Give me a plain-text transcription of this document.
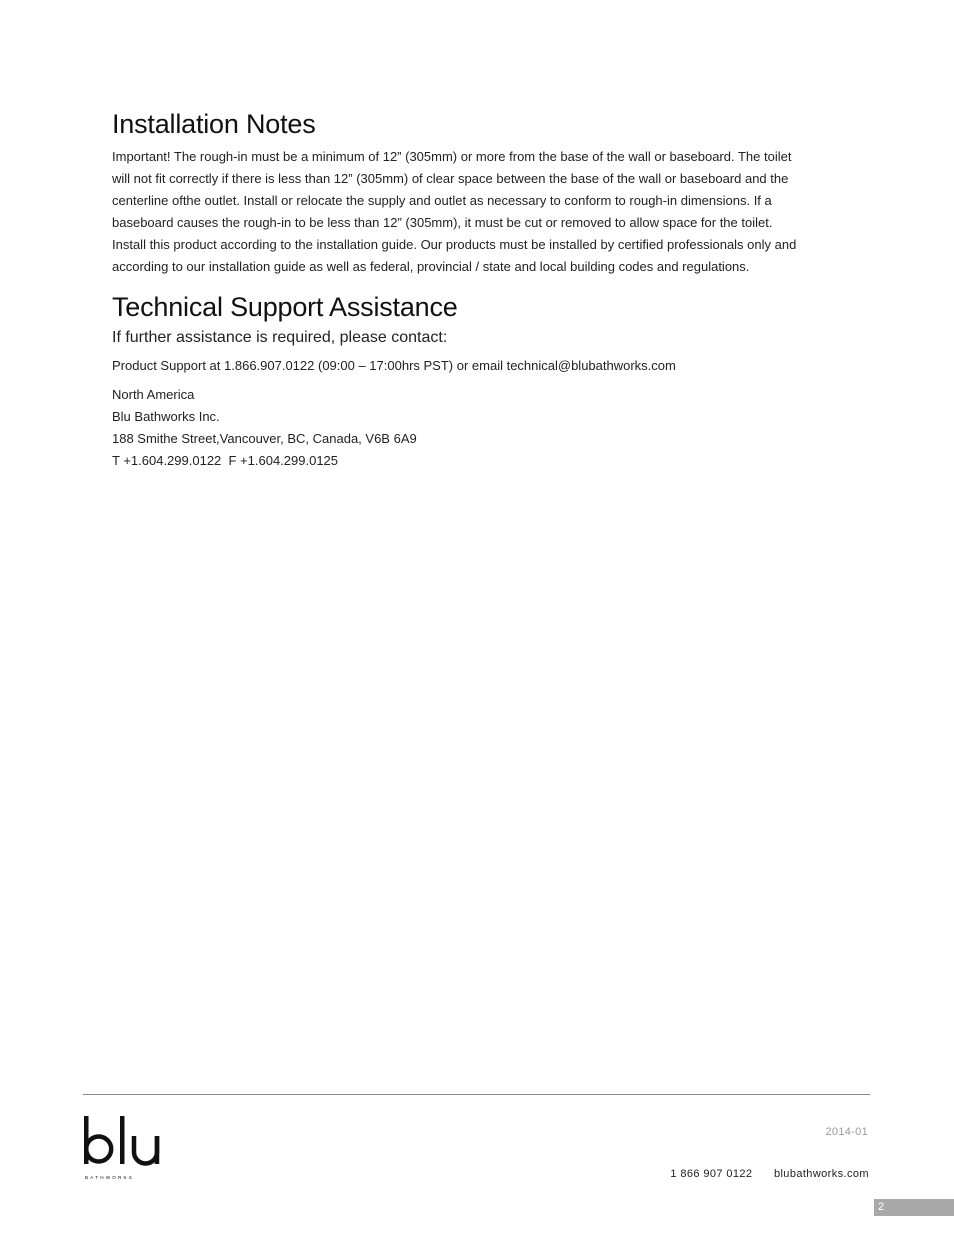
Installation Notes
Important! The rough-in must be a minimum of 12” (305mm) or more from the base of the wall or baseboard. The toilet
will not fit correctly if there is less than 12” (305mm) of clear space between the base of the wall or baseboard and the
centerline ofthe outlet. Install or relocate the supply and outlet as necessary to conform to rough-in dimensions. If a
baseboard causes the rough-in to be less than 12” (305mm), it must be cut or removed to allow space for the toilet.
Install this product according to the installation guide. Our products must be installed by certified professionals only and
according to our installation guide as well as federal, provincial / state and local building codes and regulations.
Technical Support Assistance
If further assistance is required, please contact:
Product Support at 1.866.907.0122 (09:00 – 17:00hrs PST) or email technical@blubathworks.com
North America
Blu Bathworks Inc.
188 Smithe Street,Vancouver, BC, Canada, V6B 6A9
T +1.604.299.0122  F +1.604.299.0125
BATHWORKS
2014-01
1 866 907 0122 blubathworks.com
2
